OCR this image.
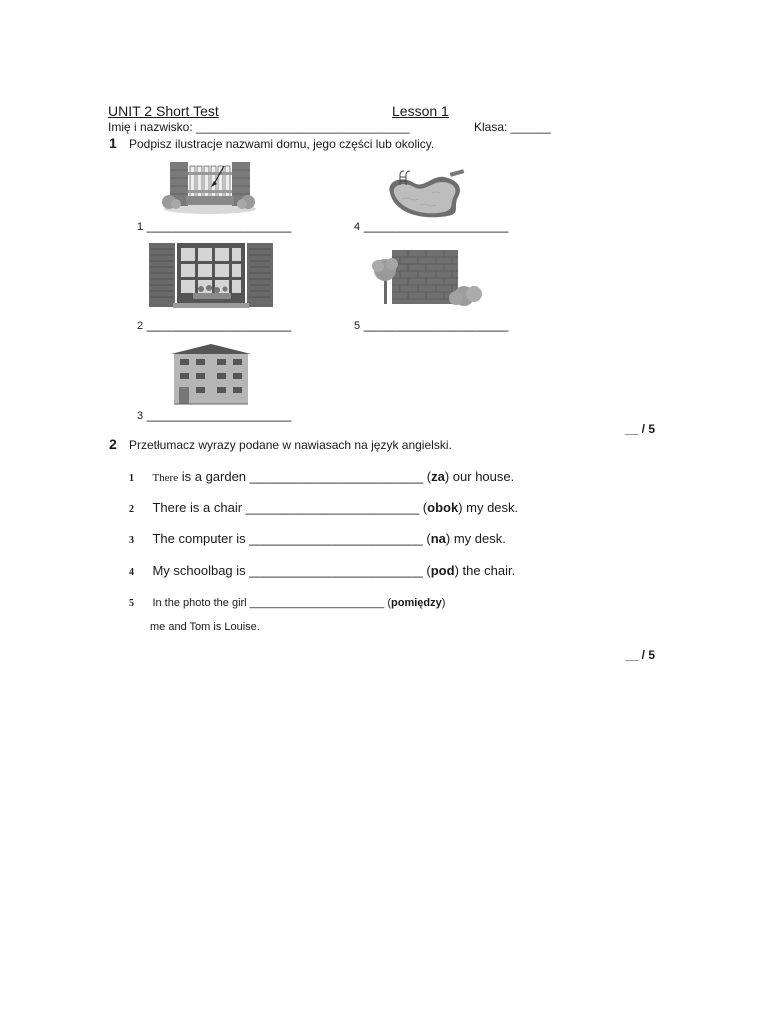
UNIT 2 Short Test	Lesson 1
Imię i nazwisko: ________________________________	Klasa: ______
1 Podpisz ilustracje nazwami domu, jego części lub okolicy.
1 ____________________	4 ____________________
2 ____________________	5 ____________________
3 ____________________
__ / 5
2 Przetłumacz wyrazy podane w nawiasach na język angielski.
1 There is a garden ________________________ (za) our house.
2 There is a chair ________________________ (obok) my desk.
3 The computer is ________________________ (na) my desk.
4 My schoolbag is ________________________ (pod) the chair.
5 In the photo the girl ______________________ (pomiędzy)
me and Tom is Louise.
__ / 5
